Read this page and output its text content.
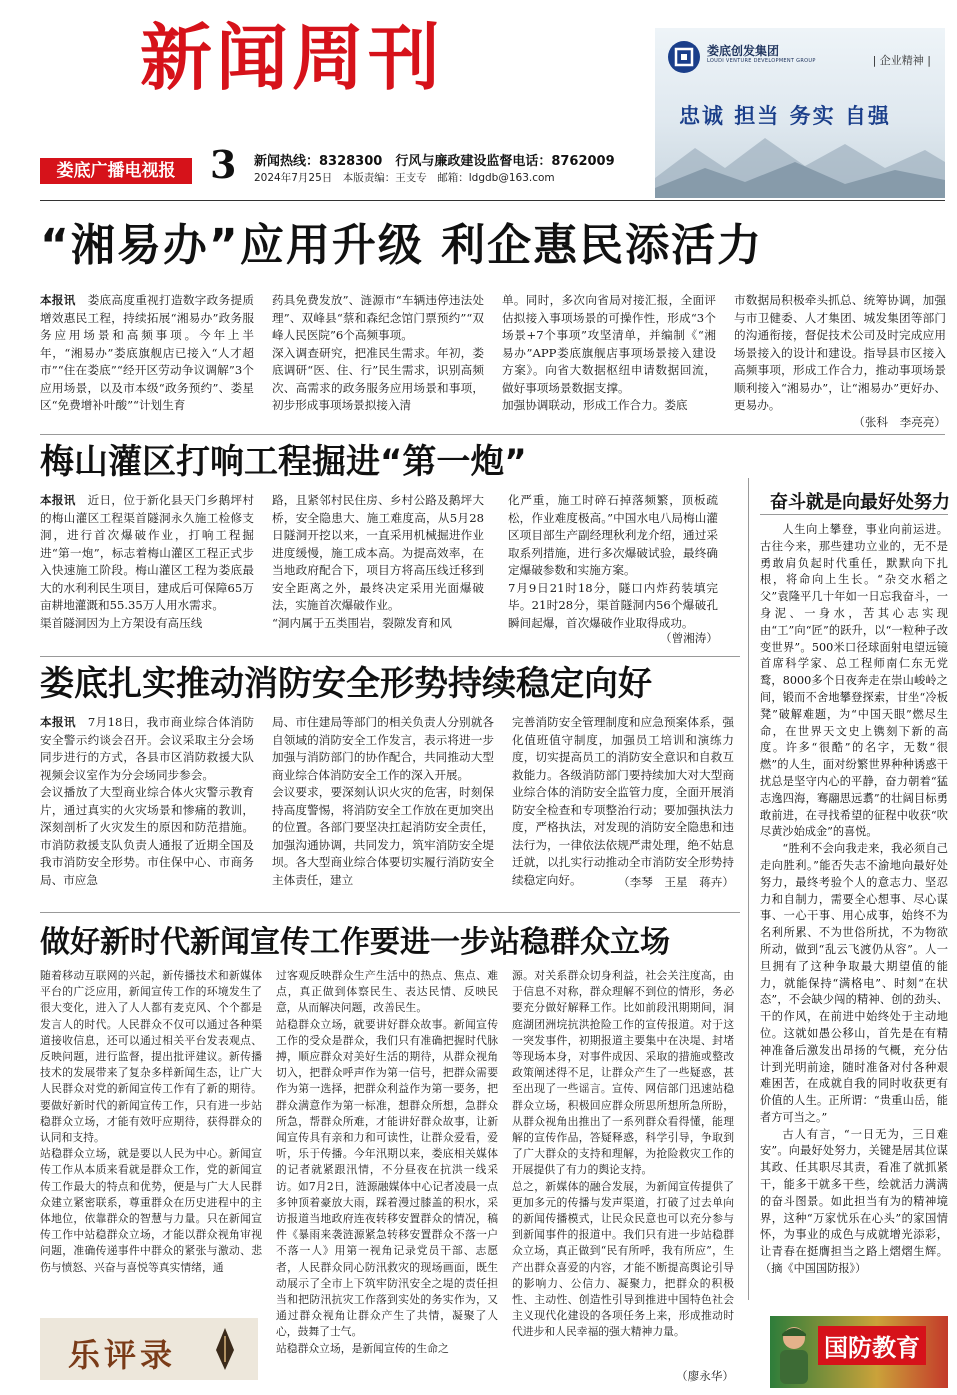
新闻周刊
娄底广播电视报 3 新闻热线：8328300　行风与廉政建设监督电话：8762009
2024年7月25日　本版责编：王支专　邮箱：ldgdb@163.com
娄底创发集团
LOUDI VENTURE DEVELOPMENT GROUP	| 企业精神 |
忠诚 担当 务实 自强
“湘易办”应用升级 利企惠民添活力

本报讯　娄底高度重视打造数字政务提质增效惠民工程，持续拓展“湘易办”政务服务应用场景和高频事项。今年上半年，“湘易办”娄底旗舰店已接入“人才超市”“住在娄底”“经开区劳动争议调解”3个应用场景，以及市本级“政务预约”、娄星区“免费增补叶酸”“计划生育

药具免费发放”、涟源市“车辆违停违法处理”、双峰县“蔡和森纪念馆门票预约”“双峰人民医院”6个高频事项。
深入调查研究，把准民生需求。年初，娄底调研“医、住、行”民生需求，识别高频次、高需求的政务服务应用场景和事项，初步形成事项场景拟接入清
单。同时，多次向省局对接汇报，全面评估拟接入事项场景的可操作性，形成“3个场景+7个事项”攻坚清单，并编制《“湘易办”APP娄底旗舰店事项场景接入建设方案》。向省大数据枢纽申请数据回流，做好事项场景数据支撑。
加强协调联动，形成工作合力。娄底
市数据局积极牵头抓总、统筹协调，加强与市卫健委、人才集团、城发集团等部门的沟通衔接，督促技术公司及时完成应用场景接入的设计和建设。指导县市区接入高频事项，形成工作合力，推动事项场景顺利接入“湘易办”，让“湘易办”更好办、更易办。
（张科　李亮亮）
梅山灌区打响工程掘进“第一炮”
本报讯　近日，位于新化县天门乡鹅坪村的梅山灌区工程渠首隧洞永久施工检修支洞，进行首次爆破作业，打响工程掘进“第一炮”，标志着梅山灌区工程正式步入快速施工阶段。梅山灌区工程为娄底最大的水利利民生项目，建成后可保障65万亩耕地灌溉和55.35万人用水需求。
渠首隧洞因为上方架设有高压线
路，且紧邻村民住房、乡村公路及鹅坪大桥，安全隐患大、施工难度高，从5月28日隧洞开挖以来，一直采用机械掘进作业进度缓慢，施工成本高。为提高效率，在当地政府配合下，项目方将高压线迁移到安全距离之外，最终决定采用光面爆破法，实施首次爆破作业。
“洞内属于五类围岩，裂隙发育和风
化严重，施工时碎石掉落频繁，顶板疏松，作业难度极高。”中国水电八局梅山灌区项目部生产副经理秋利龙介绍，通过采取系列措施，进行多次爆破试验，最终确定爆破参数和实施方案。
7月9日21时18分，隧口内炸药装填完毕。21时28分，渠首隧洞内56个爆破孔瞬间起爆，首次爆破作业取得成功。
（曾湘涛）
娄底扎实推动消防安全形势持续稳定向好
本报讯　7月18日，我市商业综合体消防安全警示约谈会召开。会议采取主分会场同步进行的方式，各县市区消防救援大队视频会议室作为分会场同步参会。
会议播放了大型商业综合体火灾警示教育片，通过真实的火灾场景和惨痛的教训，深刻剖析了火灾发生的原因和防范措施。市消防救援支队负责人通报了近期全国及我市消防安全形势。市住保中心、市商务局、市应急
局、市住建局等部门的相关负责人分别就各自领域的消防安全工作发言，表示将进一步加强与消防部门的协作配合，共同推动大型商业综合体消防安全工作的深入开展。
会议要求，要深刻认识火灾的危害，时刻保持高度警惕，将消防安全工作放在更加突出的位置。各部门要坚决扛起消防安全责任，加强沟通协调，共同发力，筑牢消防安全堤坝。各大型商业综合体要切实履行消防安全主体责任，建立
完善消防安全管理制度和应急预案体系，强化值班值守制度，加强员工培训和演练力度，切实提高员工的消防安全意识和自救互救能力。各级消防部门要持续加大对大型商业综合体的消防安全监管力度，全面开展消防安全检查和专项整治行动；要加强执法力度，严格执法，对发现的消防安全隐患和违法行为，一律依法依规严肃处理，绝不姑息迁就，以扎实行动推动全市消防安全形势持续稳定向好。	（李琴　王星　蒋卉）
做好新时代新闻宣传工作要进一步站稳群众立场
随着移动互联网的兴起，新传播技术和新媒体平台的广泛应用，新闻宣传工作的环境发生了很大变化，进入了人人都有麦克风、个个都是发言人的时代。人民群众不仅可以通过各种渠道接收信息，还可以通过相关平台发表观点、反映问题，进行监督，提出批评建议。新传播技术的发展带来了复杂多样新闻生态，让广大人民群众对党的新闻宣传工作有了新的期待。要做好新时代的新闻宣传工作，只有进一步站稳群众立场，才能有效吁应期待，获得群众的认同和支持。
站稳群众立场，就是要以人民为中心。新闻宣传工作从本质来看就是群众工作，党的新闻宣传工作最大的特点和优势，便是与广大人民群众建立紧密联系，尊重群众在历史进程中的主体地位，依靠群众的智慧与力量。只在新闻宣传工作中站稳群众立场，才能以群众视角审视问题，准确传递事件中群众的紧张与激动、悲伤与愤怒、兴奋与喜悦等真实情绪，通
过客观反映群众生产生活中的热点、焦点、难点，真正做到体察民生、表达民情、反映民意，从而解决问题，改善民生。
站稳群众立场，就要讲好群众故事。新闻宣传工作的受众是群众，我们只有准确把握时代脉搏，顺应群众对美好生活的期待，从群众视角切入，把群众呼声作为第一信号，把群众需要作为第一选择，把群众利益作为第一要务，把群众满意作为第一标准，想群众所想，急群众所急，帮群众所难，才能讲好群众故事，让新闻宣传具有亲和力和可读性，让群众爱看，爱听，乐于传播。今年汛期以来，娄底相关媒体的记者就紧跟汛情，不分昼夜在抗洪一线采访。如7月2日，涟源融媒体中心记者凌晨一点多钟顶着豪放大雨，踩着漫过膝盖的积水，采访报道当地政府连夜转移安置群众的情况，稿件《暴雨来袭涟源紧急转移安置群众不落一户　不落一人》用第一视角记录党员干部、志愿者，人民群众同心防汛救灾的现场画面，既生动展示了全市上下筑牢防汛安全之堤的责任担当和把防汛抗灾工作落到实处的务实作为，又通过群众视角让群众产生了共情，凝聚了人心，鼓舞了士气。
站稳群众立场，是新闻宣传的生命之
源。对关系群众切身利益，社会关注度高，由于信息不对称，群众理解不到位的情形，务必要充分做好解释工作。比如前段汛期期间，洞庭湖团洲垸抗洪抢险工作的宣传报道。对于这一突发事件，初期报道主要集中在决堤、封堵等现场本身，对事件成因、采取的措施或整改政策阐述得不足，让群众产生了一些疑惑，甚至出现了一些谣言。宣传、网信部门迅速站稳群众立场，积极回应群众所思所想所急所盼，从群众视角出推出了一系列群众看得懂，能理解的宣传作品，答疑释惑，科学引导，争取到了广大群众的支持和理解，为抢险救灾工作的开展提供了有力的舆论支持。
总之，新媒体的融合发展，为新闻宣传提供了更加多元的传播与发声渠道，打破了过去单向的新闻传播模式，让民众民意也可以充分参与到新闻事件的报道中。我们只有进一步站稳群众立场，真正做到“民有所呼，我有所应”，生产出群众喜爱的内容，才能不断提高舆论引导的影响力、公信力、凝聚力，把群众的积极性、主动性、创造性引导到推进中国特色社会主义现代化建设的各项任务上来，形成推动时代进步和人民幸福的强大精神力量。
（廖永华）
奋斗就是向最好处努力

人生向上攀登，事业向前运进。古往今来，那些建功立业的，无不是勇敢肩负起时代重任，默默向下扎根，将命向上生长。“杂交水稻之父”袁隆平几十年如一日忘我奋斗，一身泥、一身水，苦其心志实现由“工”向“匠”的跃升，以“一粒种子改变世界”。500米口径球面射电望远镜首席科学家、总工程师南仁东无党鹜，8000多个日夜奔走在崇山峻岭之间，锻而不舍地攀登探索，甘坐“冷板凳”破解难题，为“中国天眼”燃尽生命，在世界天文史上镌刻下新的高度。许多“很酷”的名字，无数“很燃”的人生，面对纷繁世界种种诱惑干扰总是坚守内心的平静，奋力朝着“猛志逸四海，骞翮思远翥”的壮阔目标勇敢前进，在寻找希望的征程中收获“吹尽黄沙始成金”的喜悦。

“胜利不会向我走来，我必须自己走向胜利。”能否失志不渝地向最好处努力，最终考验个人的意志力、坚忍力和自制力，需要全心想事、尽心谋事、一心干事、用心成事，始终不为名利所累、不为世俗所扰，不为物欲所动，做到“乱云飞渡仍从容”。人一旦拥有了这种争取最大期望值的能力，就能保持“满格电”、时刻“在状态”，不会缺少闯的精神、创的劲头、干的作风，在前进中始终处于主动地位。这就如愚公移山，首先是在有精神准备后激发出昂扬的气概，充分估计到光明前途，随时准备对付各种艰难困苦，在成就自我的同时收获更有价值的人生。正所谓：“贵重山岳，能者方可当之。”

古人有言，“一日无为，三日难安”。向最好处努力，关键是居其位谋其政、任其职尽其责，看准了就抓紧干，能多干就多干些，绘就活力满满的奋斗图景。如此担当有为的精神境界，这种“万家忧乐在心头”的家国情怀，为事业的成色与成就增光添彩，让青春在挺膺担当之路上熠熠生辉。（摘《中国国防报》）

乐评录	国防教育
